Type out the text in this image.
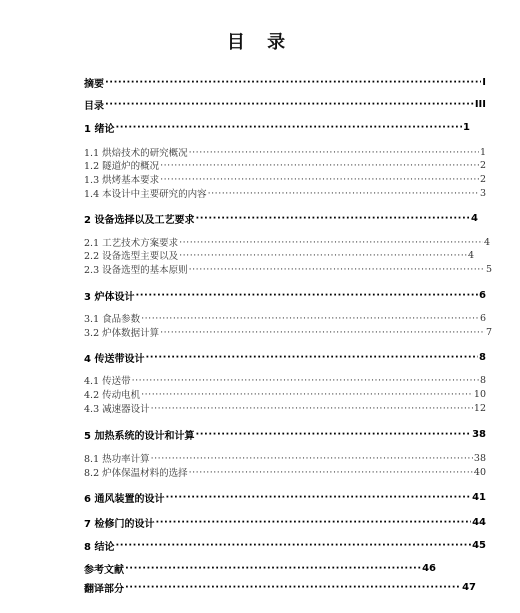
目 录
摘要 ·····	I
目录 ·····	III
1 绪论 ·····	1
1.1 烘焙技术的研究概况 ·····	1
1.2 隧道炉的概况 ·····	2
1.3 烘烤基本要求 ·····	2
1.4 本设计中主要研究的内容 ·····	3
2 设备选择以及工艺要求 ·····	4
2.1 工艺技术方案要求 ·····	4
2.2 设备选型主要以及 ·····	4
2.3 设备选型的基本原则 ·····	5
3 炉体设计 ·····	6
3.1 食品参数 ·····	6
3.2 炉体数据计算 ·····	7
4 传送带设计 ·····	8
4.1 传送带 ·····	8
4.2 传动电机 ·····	10
4.3 减速器设计 ·····	12
5 加热系统的设计和计算 ·····	38
8.1 热功率计算 ·····	38
8.2 炉体保温材料的选择 ·····	40
6 通风装置的设计 ·····	41
7 检修门的设计 ·····	44
8 结论 ·····	45
参考文献 ·····	46
翻译部分 ·····	47
